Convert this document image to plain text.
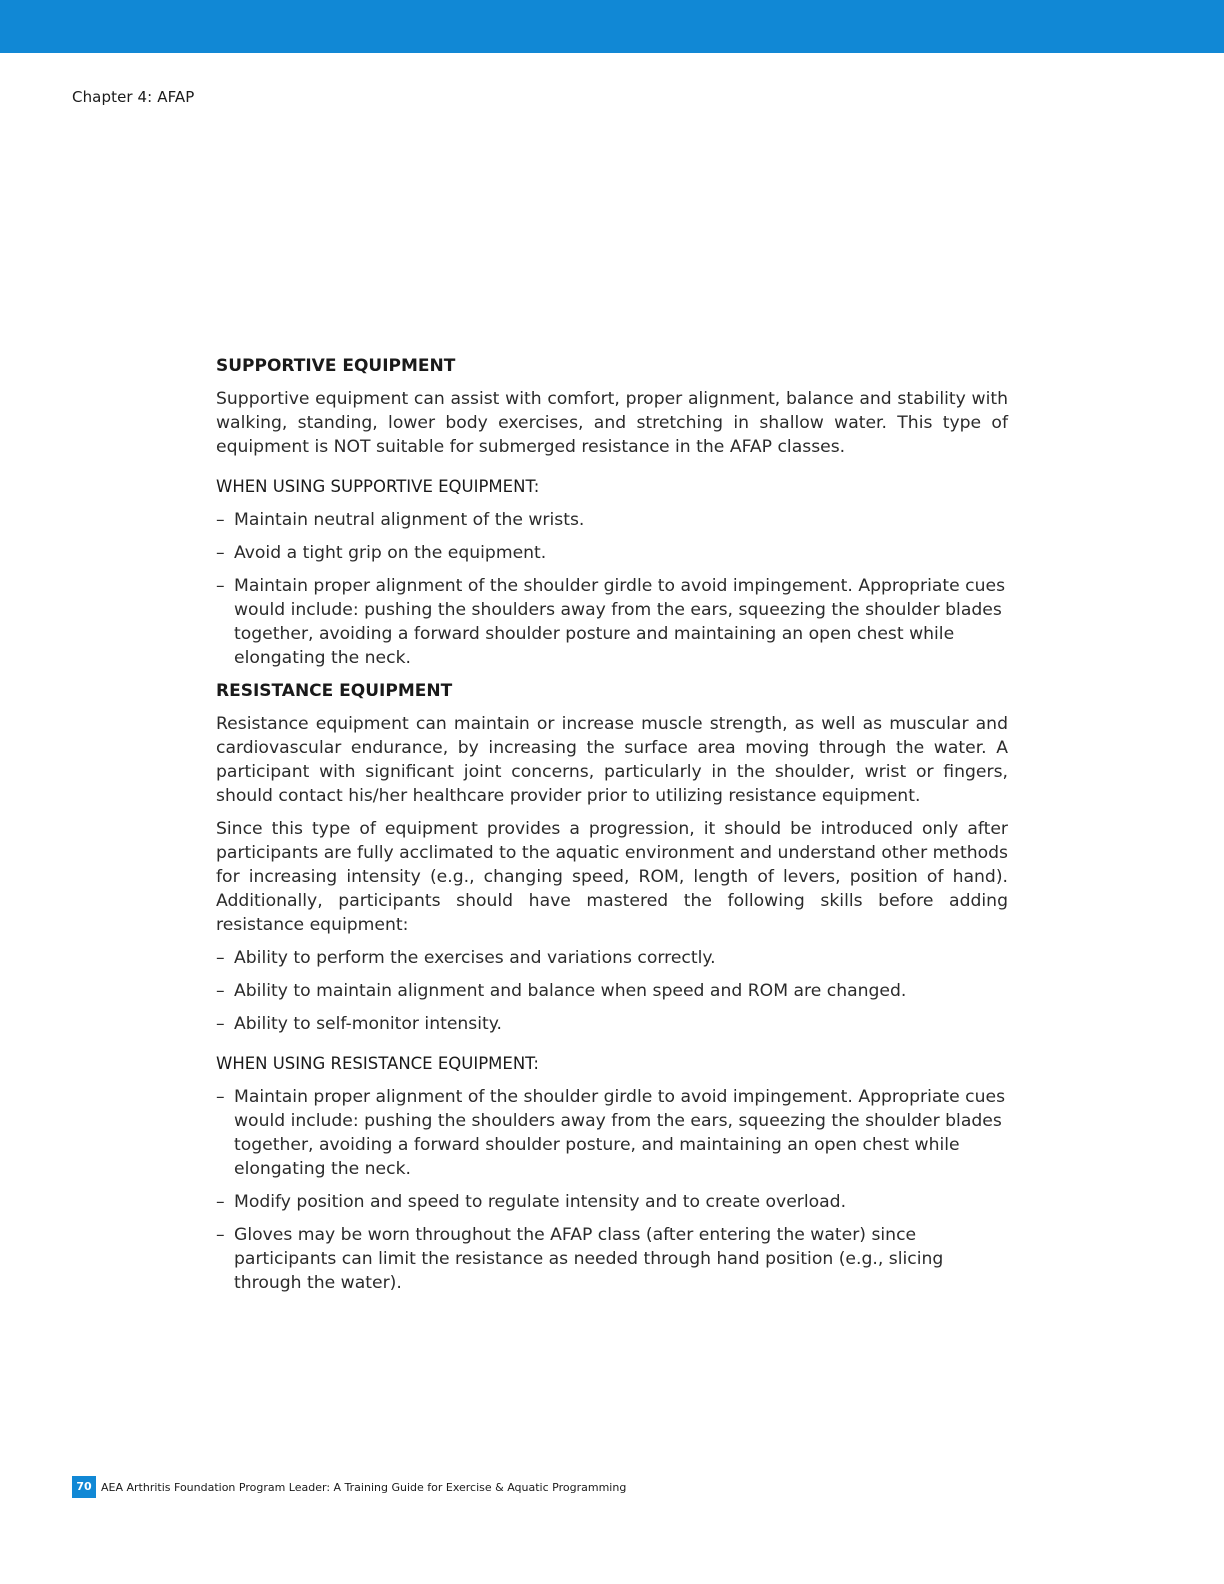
Chapter 4: AFAP
SUPPORTIVE EQUIPMENT

Supportive equipment can assist with comfort, proper alignment, balance and stability with walking, standing, lower body exercises, and stretching in shallow water. This type of equipment is NOT suitable for submerged resistance in the AFAP classes.

WHEN USING SUPPORTIVE EQUIPMENT:
– Maintain neutral alignment of the wrists.
– Avoid a tight grip on the equipment.
– Maintain proper alignment of the shoulder girdle to avoid impingement. Appropriate cues would include: pushing the shoulders away from the ears, squeezing the shoulder blades together, avoiding a forward shoulder posture and maintaining an open chest while elongating the neck.
RESISTANCE EQUIPMENT

Resistance equipment can maintain or increase muscle strength, as well as muscular and cardiovascular endurance, by increasing the surface area moving through the water. A participant with significant joint concerns, particularly in the shoulder, wrist or fingers, should contact his/her healthcare provider prior to utilizing resistance equipment.

Since this type of equipment provides a progression, it should be introduced only after participants are fully acclimated to the aquatic environment and understand other methods for increasing intensity (e.g., changing speed, ROM, length of levers, position of hand). Additionally, participants should have mastered the following skills before adding resistance equipment:

– Ability to perform the exercises and variations correctly.
– Ability to maintain alignment and balance when speed and ROM are changed.
– Ability to self-monitor intensity.
WHEN USING RESISTANCE EQUIPMENT:
– Maintain proper alignment of the shoulder girdle to avoid impingement. Appropriate cues would include: pushing the shoulders away from the ears, squeezing the shoulder blades together, avoiding a forward shoulder posture, and maintaining an open chest while elongating the neck.
– Modify position and speed to regulate intensity and to create overload.
– Gloves may be worn throughout the AFAP class (after entering the water) since participants can limit the resistance as needed through hand position (e.g., slicing through the water).
70 AEA Arthritis Foundation Program Leader: A Training Guide for Exercise & Aquatic Programming
